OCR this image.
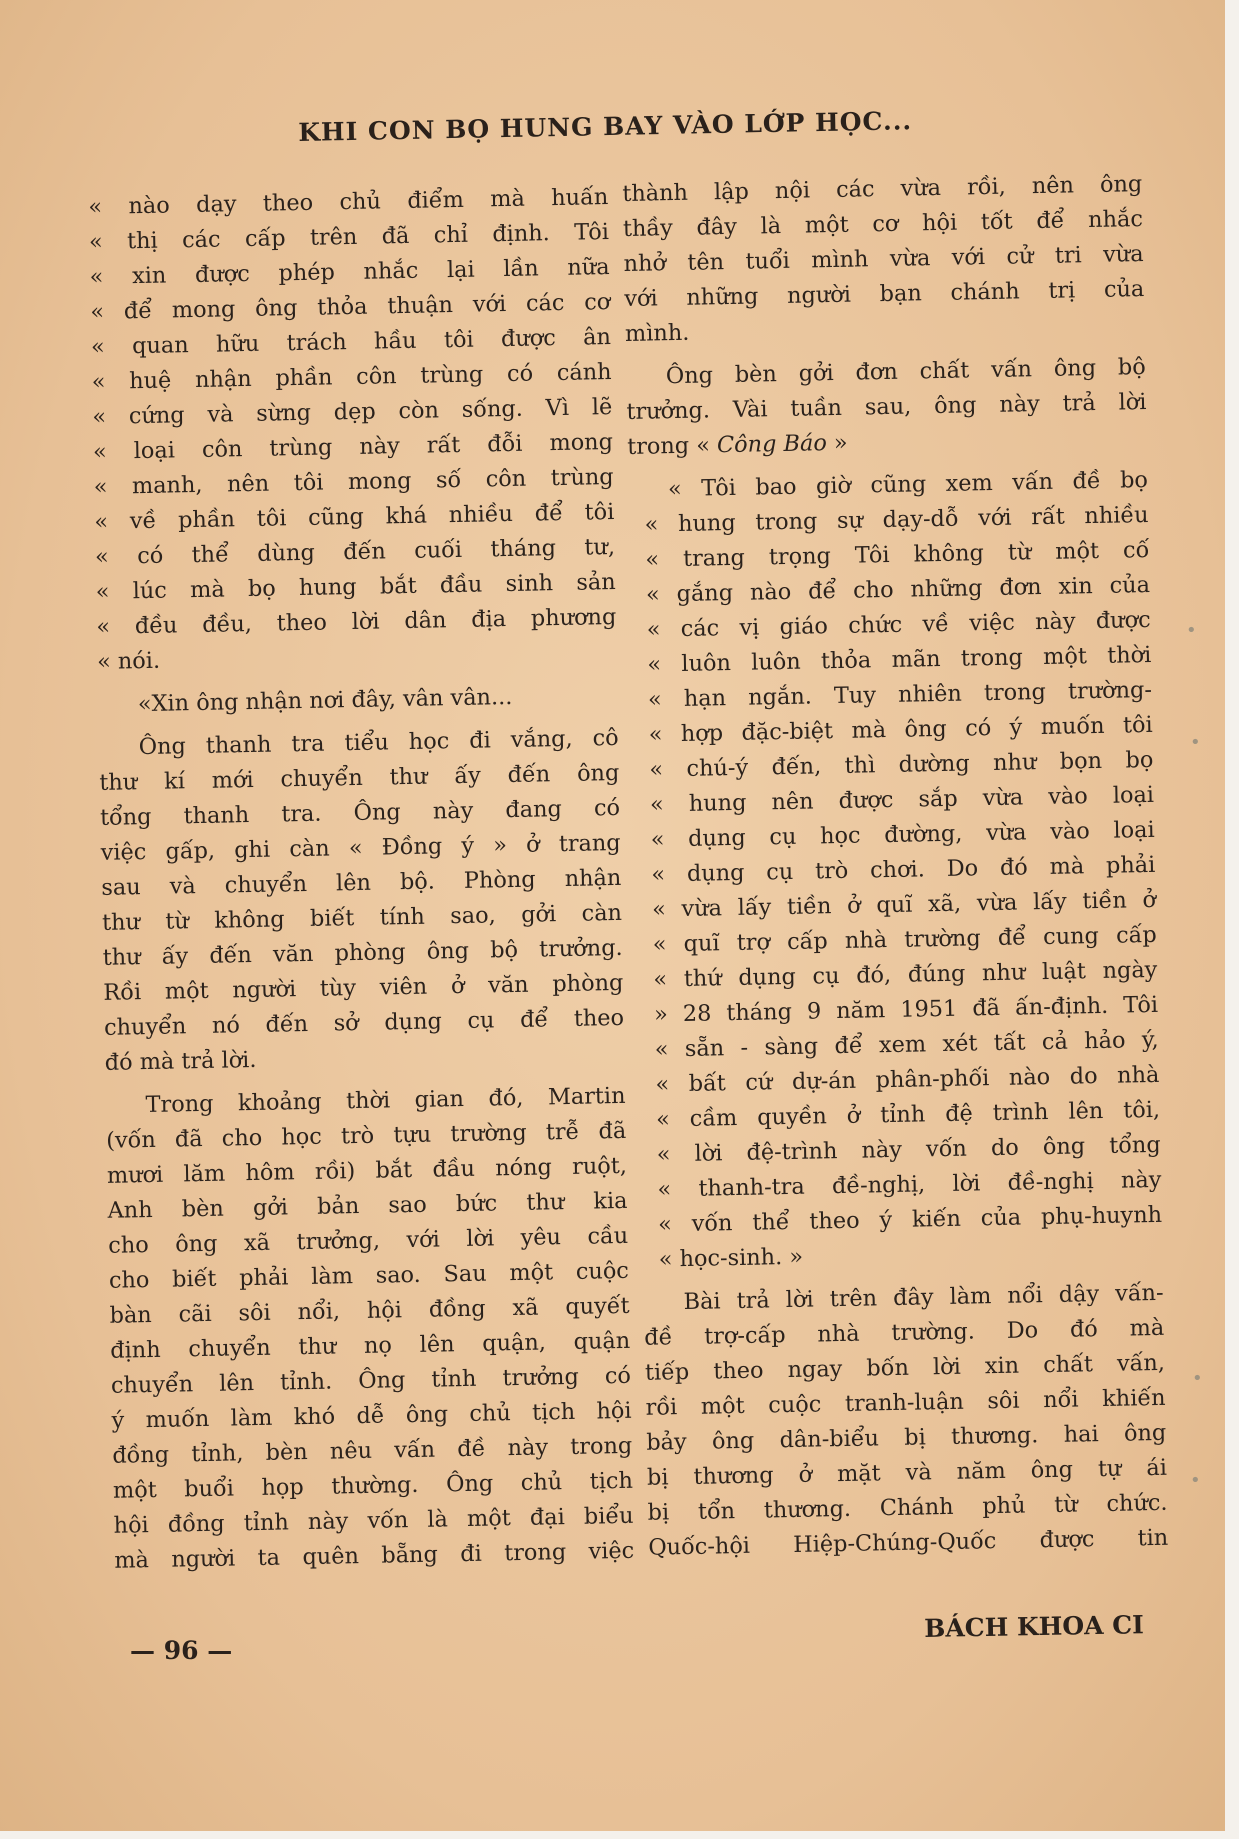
KHI CON BỌ HUNG BAY VÀO LỚP HỌC...
« nào dạy theo chủ điểm mà huấn
« thị các cấp trên đã chỉ định. Tôi
« xin được phép nhắc lại lần nữa
« để mong ông thỏa thuận với các cơ
« quan hữu trách hầu tôi được ân
« huệ nhận phần côn trùng có cánh
« cứng và sừng dẹp còn sống. Vì lẽ
« loại côn trùng này rất đỗi mong
« manh, nên tôi mong số côn trùng
« về phần tôi cũng khá nhiều để tôi
« có thể dùng đến cuối tháng tư,
« lúc mà bọ hung bắt đầu sinh sản
« đều đều, theo lời dân địa phương
« nói.
«Xin ông nhận nơi đây, vân vân...
Ông thanh tra tiểu học đi vắng, cô
thư kí mới chuyển thư ấy đến ông
tổng thanh tra. Ông này đang có
việc gấp, ghi càn « Đồng ý » ở trang
sau và chuyển lên bộ. Phòng nhận
thư từ không biết tính sao, gởi càn
thư ấy đến văn phòng ông bộ trưởng.
Rồi một người tùy viên ở văn phòng
chuyển nó đến sở dụng cụ để theo
đó mà trả lời.
Trong khoảng thời gian đó, Martin
(vốn đã cho học trò tựu trường trễ đã
mươi lăm hôm rồi) bắt đầu nóng ruột,
Anh bèn gởi bản sao bức thư kia
cho ông xã trưởng, với lời yêu cầu
cho biết phải làm sao. Sau một cuộc
bàn cãi sôi nổi, hội đồng xã quyết
định chuyển thư nọ lên quận, quận
chuyển lên tỉnh. Ông tỉnh trưởng có
ý muốn làm khó dễ ông chủ tịch hội
đồng tỉnh, bèn nêu vấn đề này trong
một buổi họp thường. Ông chủ tịch
hội đồng tỉnh này vốn là một đại biểu
mà người ta quên bẵng đi trong việc
thành lập nội các vừa rồi, nên ông
thầy đây là một cơ hội tốt để nhắc
nhở tên tuổi mình vừa với cử tri vừa
với những người bạn chánh trị của
mình.
Ông bèn gởi đơn chất vấn ông bộ
trưởng. Vài tuần sau, ông này trả lời
trong « Công Báo »
« Tôi bao giờ cũng xem vấn đề bọ
« hung trong sự dạy-dỗ với rất nhiều
« trang trọng Tôi không từ một cố
« gắng nào để cho những đơn xin của
« các vị giáo chức về việc này được
« luôn luôn thỏa mãn trong một thời
« hạn ngắn. Tuy nhiên trong trường-
« hợp đặc-biệt mà ông có ý muốn tôi
« chú-ý đến, thì dường như bọn bọ
« hung nên được sắp vừa vào loại
« dụng cụ học đường, vừa vào loại
« dụng cụ trò chơi. Do đó mà phải
« vừa lấy tiền ở quĩ xã, vừa lấy tiền ở
« quĩ trợ cấp nhà trường để cung cấp
« thứ dụng cụ đó, đúng như luật ngày
» 28 tháng 9 năm 1951 đã ấn-định. Tôi
« sẵn - sàng để xem xét tất cả hảo ý,
« bất cứ dự-án phân-phối nào do nhà
« cầm quyền ở tỉnh đệ trình lên tôi,
« lời đệ-trình này vốn do ông tổng
« thanh-tra đề-nghị, lời đề-nghị này
« vốn thể theo ý kiến của phụ-huynh
« học-sinh. »
Bài trả lời trên đây làm nổi dậy vấn-
đề trợ-cấp nhà trường. Do đó mà
tiếp theo ngay bốn lời xin chất vấn,
rồi một cuộc tranh-luận sôi nổi khiến
bảy ông dân-biểu bị thương. hai ông
bị thương ở mặt và năm ông tự ái
bị tổn thương. Chánh phủ từ chức.
Quốc-hội Hiệp-Chúng-Quốc được tin
— 96 —
BÁCH KHOA CI
•
•
•
•
